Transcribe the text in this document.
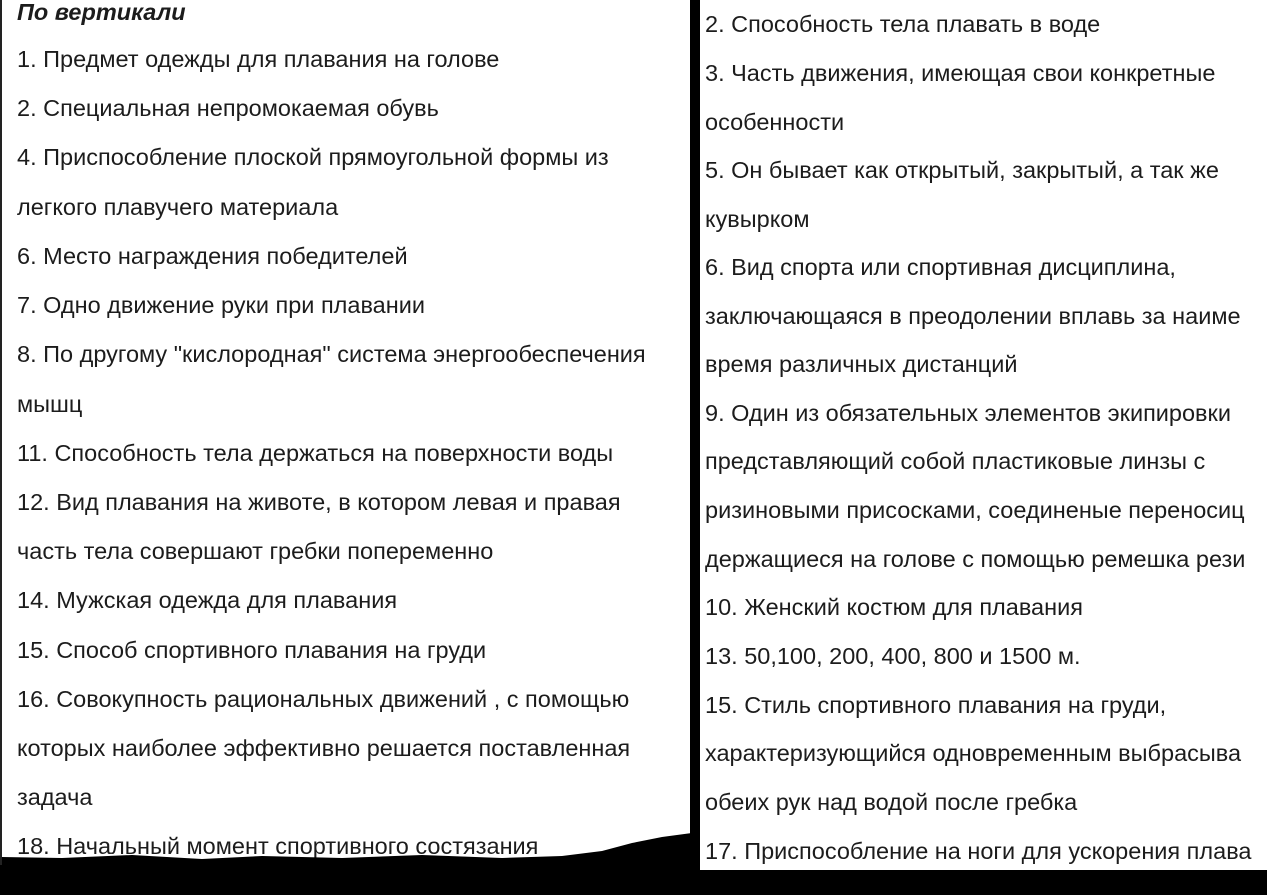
По вертикали
1. Предмет одежды для плавания на голове
2. Специальная непромокаемая обувь
4. Приспособление плоской прямоугольной формы из
легкого плавучего материала
6. Место награждения победителей
7. Одно движение руки при плавании
8. По другому "кислородная" система энергообеспечения
мышц
11. Способность тела держаться на поверхности воды
12. Вид плавания на животе, в котором левая и правая
часть тела совершают гребки попеременно
14. Мужская одежда для плавания
15. Способ спортивного плавания на груди
16. Совокупность рациональных движений , с помощью
которых наиболее эффективно решается поставленная
задача
18. Начальный момент спортивного состязания
2. Способность тела плавать в воде
3. Часть движения, имеющая свои конкретные
особенности
5. Он бывает как открытый, закрытый, а так же
кувырком
6. Вид спорта или спортивная дисциплина,
заключающаяся в преодолении вплавь за наиме
время различных дистанций
9. Один из обязательных элементов экипировки
представляющий собой пластиковые линзы с
ризиновыми присосками, соединеные переносиц
держащиеся на голове с помощью ремешка рези
10. Женский костюм для плавания
13. 50,100, 200, 400, 800 и 1500 м.
15. Стиль спортивного плавания на груди,
характеризующийся одновременным выбрасыва
обеих рук над водой после гребка
17. Приспособление на ноги для ускорения плава
